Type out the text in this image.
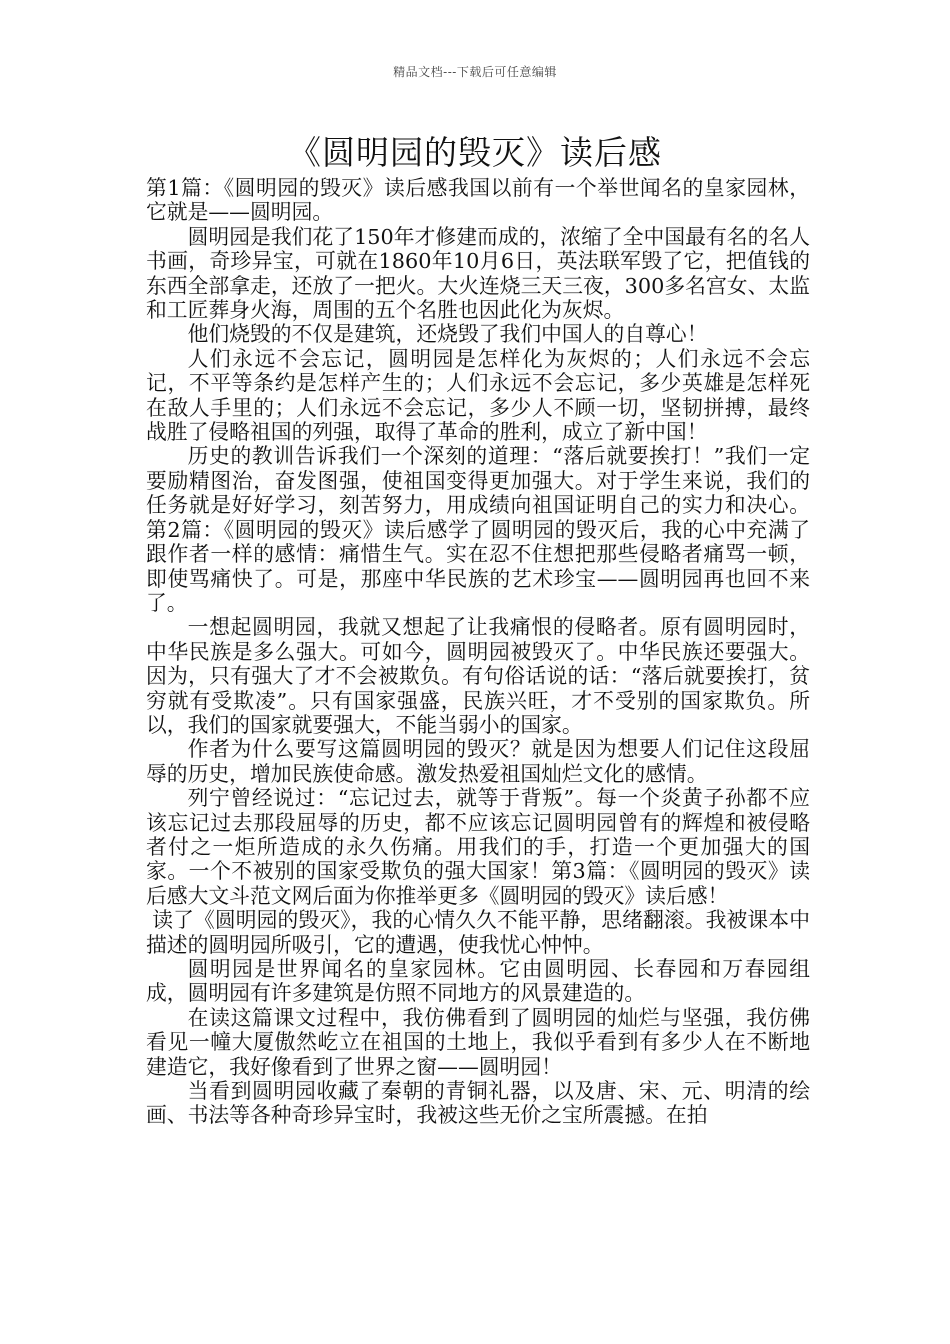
精品文档---下载后可任意编辑
《圆明园的毁灭》读后感

第1篇：《圆明园的毁灭》读后感我国以前有一个举世闻名的皇家园林，它就是——圆明园。

圆明园是我们花了150年才修建而成的，浓缩了全中国最有名的名人书画，奇珍异宝，可就在1860年10月6日，英法联军毁了它，把值钱的东西全部拿走，还放了一把火。大火连烧三天三夜，300多名宫女、太监和工匠葬身火海，周围的五个名胜也因此化为灰烬。

他们烧毁的不仅是建筑，还烧毁了我们中国人的自尊心！

人们永远不会忘记，圆明园是怎样化为灰烬的；人们永远不会忘记，不平等条约是怎样产生的；人们永远不会忘记，多少英雄是怎样死在敌人手里的；人们永远不会忘记，多少人不顾一切，坚韧拼搏，最终战胜了侵略祖国的列强，取得了革命的胜利，成立了新中国！

历史的教训告诉我们一个深刻的道理：“落后就要挨打！”我们一定要励精图治，奋发图强，使祖国变得更加强大。对于学生来说，我们的任务就是好好学习，刻苦努力，用成绩向祖国证明自己的实力和决心。第2篇：《圆明园的毁灭》读后感学了圆明园的毁灭后，我的心中充满了跟作者一样的感情：痛惜生气。实在忍不住想把那些侵略者痛骂一顿，即使骂痛快了。可是，那座中华民族的艺术珍宝——圆明园再也回不来了。

一想起圆明园，我就又想起了让我痛恨的侵略者。原有圆明园时，中华民族是多么强大。可如今，圆明园被毁灭了。中华民族还要强大。因为，只有强大了才不会被欺负。有句俗话说的话：“落后就要挨打，贫穷就有受欺凌”。只有国家强盛，民族兴旺，才不受别的国家欺负。所以，我们的国家就要强大，不能当弱小的国家。

作者为什么要写这篇圆明园的毁灭？就是因为想要人们记住这段屈辱的历史，增加民族使命感。激发热爱祖国灿烂文化的感情。

列宁曾经说过：“忘记过去，就等于背叛”。每一个炎黄子孙都不应该忘记过去那段屈辱的历史，都不应该忘记圆明园曾有的辉煌和被侵略者付之一炬所造成的永久伤痛。用我们的手，打造一个更加强大的国家。一个不被别的国家受欺负的强大国家！第3篇：《圆明园的毁灭》读后感大文斗范文网后面为你推举更多《圆明园的毁灭》读后感！

读了《圆明园的毁灭》，我的心情久久不能平静，思绪翻滚。我被课本中描述的圆明园所吸引，它的遭遇，使我忧心忡忡。

圆明园是世界闻名的皇家园林。它由圆明园、长春园和万春园组成，圆明园有许多建筑是仿照不同地方的风景建造的。

在读这篇课文过程中，我仿佛看到了圆明园的灿烂与坚强，我仿佛看见一幢大厦傲然屹立在祖国的土地上，我似乎看到有多少人在不断地建造它，我好像看到了世界之窗——圆明园！

当看到圆明园收藏了秦朝的青铜礼器，以及唐、宋、元、明清的绘画、书法等各种奇珍异宝时，我被这些无价之宝所震撼。在拍
